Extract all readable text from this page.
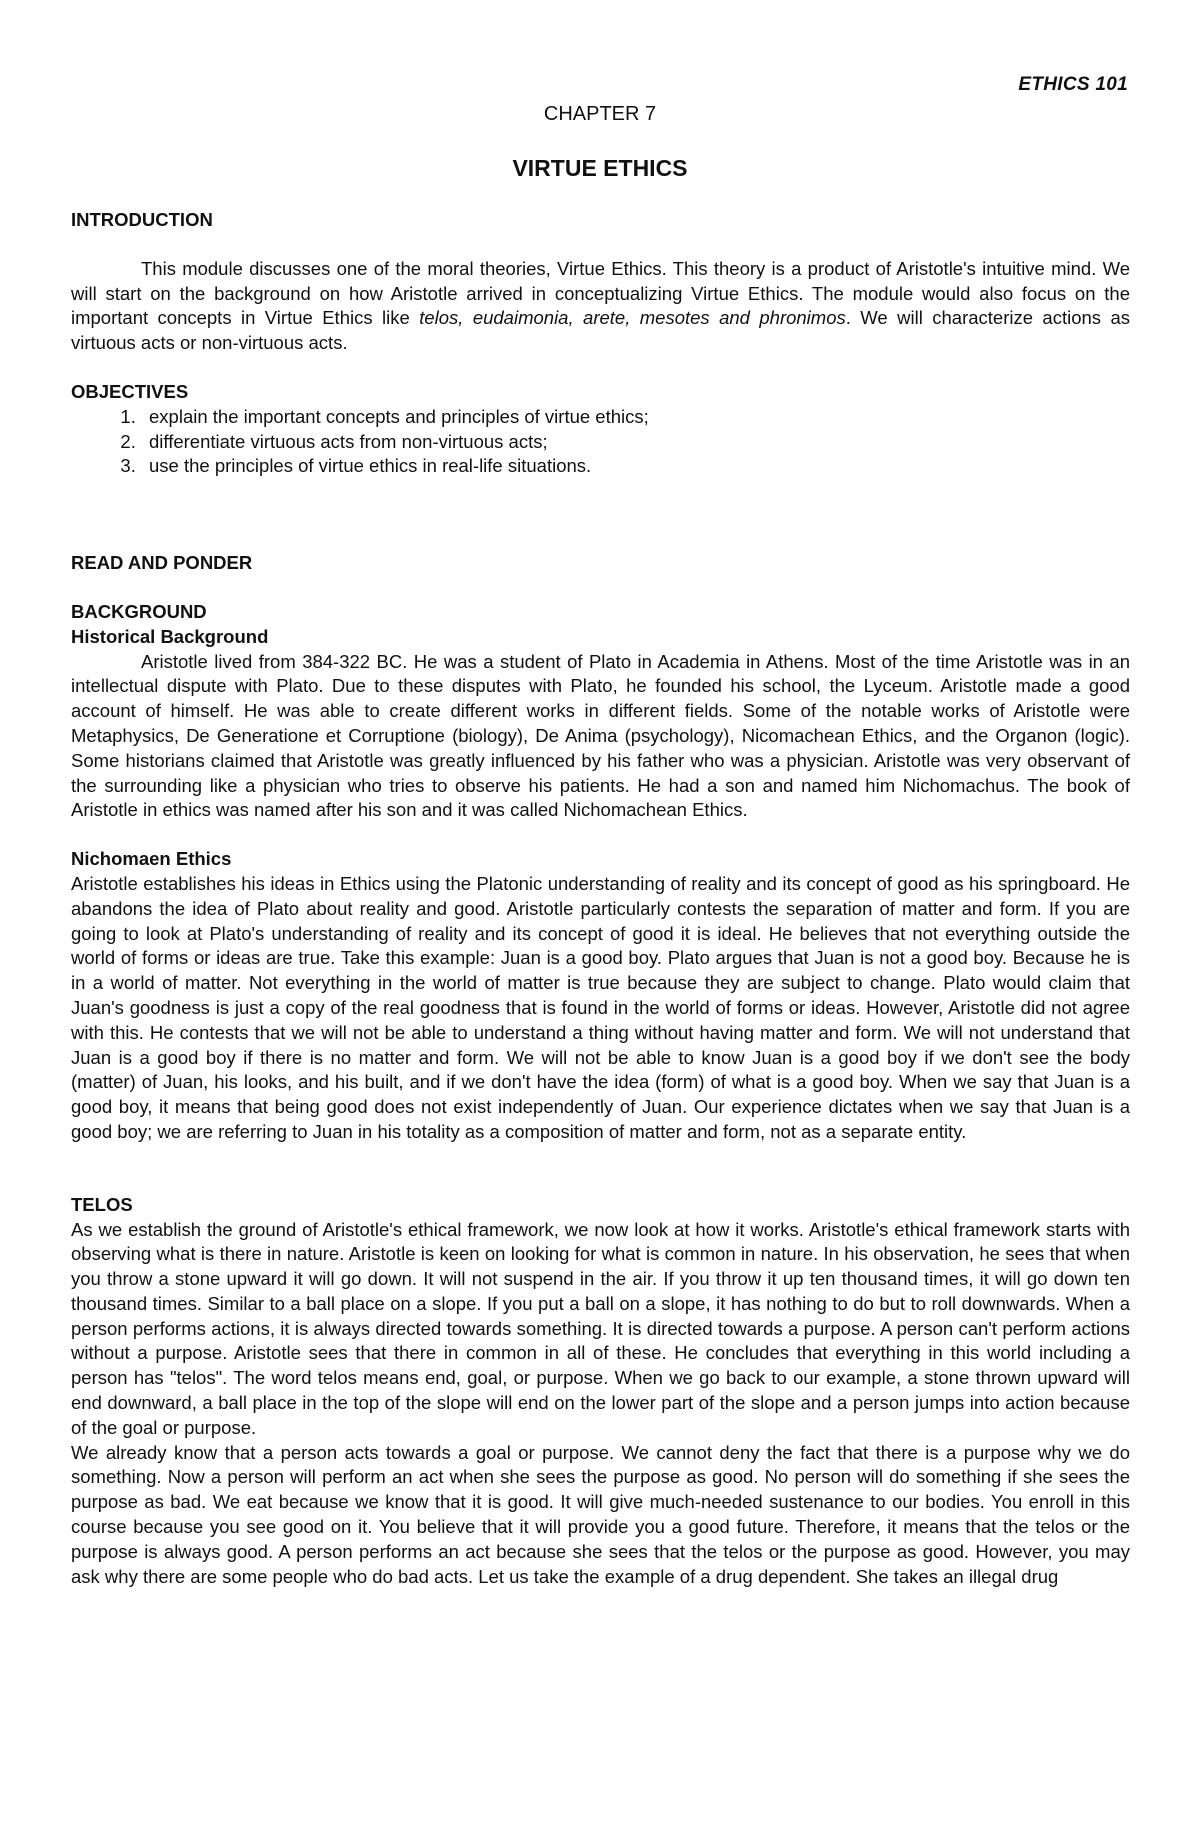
ETHICS 101
CHAPTER 7
VIRTUE ETHICS

INTRODUCTION

This module discusses one of the moral theories, Virtue Ethics. This theory is a product of Aristotle's intuitive mind. We will start on the background on how Aristotle arrived in conceptualizing Virtue Ethics. The module would also focus on the important concepts in Virtue Ethics like telos, eudaimonia, arete, mesotes and phronimos. We will characterize actions as virtuous acts or non-virtuous acts.

OBJECTIVES

1. explain the important concepts and principles of virtue ethics;
2. differentiate virtuous acts from non-virtuous acts;
3. use the principles of virtue ethics in real-life situations.

READ AND PONDER

BACKGROUND

Historical Background

Aristotle lived from 384-322 BC. He was a student of Plato in Academia in Athens. Most of the time Aristotle was in an intellectual dispute with Plato. Due to these disputes with Plato, he founded his school, the Lyceum. Aristotle made a good account of himself. He was able to create different works in different fields. Some of the notable works of Aristotle were Metaphysics, De Generatione et Corruptione (biology), De Anima (psychology), Nicomachean Ethics, and the Organon (logic). Some historians claimed that Aristotle was greatly influenced by his father who was a physician. Aristotle was very observant of the surrounding like a physician who tries to observe his patients. He had a son and named him Nichomachus. The book of Aristotle in ethics was named after his son and it was called Nichomachean Ethics.

Nichomaen Ethics

Aristotle establishes his ideas in Ethics using the Platonic understanding of reality and its concept of good as his springboard. He abandons the idea of Plato about reality and good. Aristotle particularly contests the separation of matter and form. If you are going to look at Plato's understanding of reality and its concept of good it is ideal. He believes that not everything outside the world of forms or ideas are true. Take this example: Juan is a good boy. Plato argues that Juan is not a good boy. Because he is in a world of matter. Not everything in the world of matter is true because they are subject to change. Plato would claim that Juan's goodness is just a copy of the real goodness that is found in the world of forms or ideas. However, Aristotle did not agree with this. He contests that we will not be able to understand a thing without having matter and form. We will not understand that Juan is a good boy if there is no matter and form. We will not be able to know Juan is a good boy if we don't see the body (matter) of Juan, his looks, and his built, and if we don't have the idea (form) of what is a good boy. When we say that Juan is a good boy, it means that being good does not exist independently of Juan. Our experience dictates when we say that Juan is a good boy; we are referring to Juan in his totality as a composition of matter and form, not as a separate entity.

TELOS

As we establish the ground of Aristotle's ethical framework, we now look at how it works. Aristotle's ethical framework starts with observing what is there in nature. Aristotle is keen on looking for what is common in nature. In his observation, he sees that when you throw a stone upward it will go down. It will not suspend in the air. If you throw it up ten thousand times, it will go down ten thousand times. Similar to a ball place on a slope. If you put a ball on a slope, it has nothing to do but to roll downwards. When a person performs actions, it is always directed towards something. It is directed towards a purpose. A person can't perform actions without a purpose. Aristotle sees that there in common in all of these. He concludes that everything in this world including a person has "telos". The word telos means end, goal, or purpose. When we go back to our example, a stone thrown upward will end downward, a ball place in the top of the slope will end on the lower part of the slope and a person jumps into action because of the goal or purpose.

We already know that a person acts towards a goal or purpose. We cannot deny the fact that there is a purpose why we do something. Now a person will perform an act when she sees the purpose as good. No person will do something if she sees the purpose as bad. We eat because we know that it is good. It will give much-needed sustenance to our bodies. You enroll in this course because you see good on it. You believe that it will provide you a good future. Therefore, it means that the telos or the purpose is always good. A person performs an act because she sees that the telos or the purpose as good. However, you may ask why there are some people who do bad acts. Let us take the example of a drug dependent. She takes an illegal drug
